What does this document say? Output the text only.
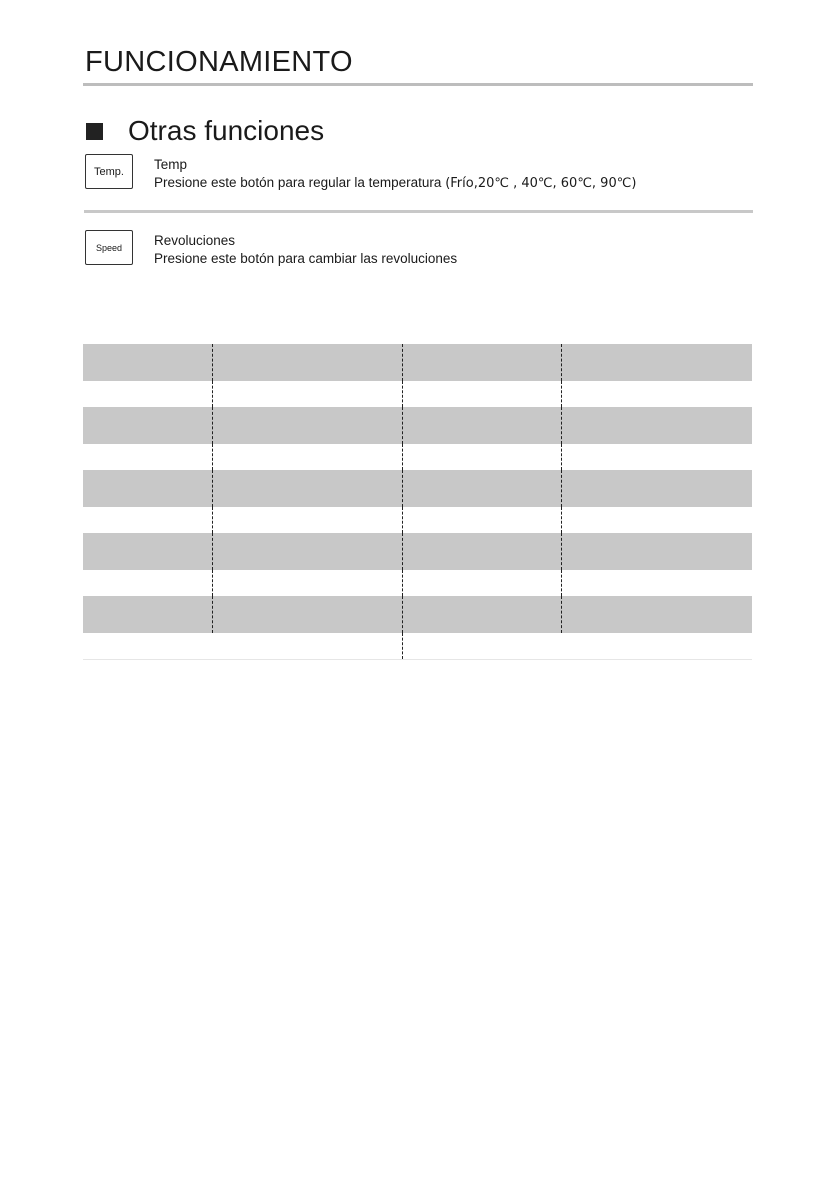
FUNCIONAMIENTO
Otras funciones
Temp.	Temp
Presione este botón para regular la temperatura (Frío,20℃ , 40℃, 60℃, 90℃)
Speed	Revoluciones
Presione este botón para cambiar las revoluciones
